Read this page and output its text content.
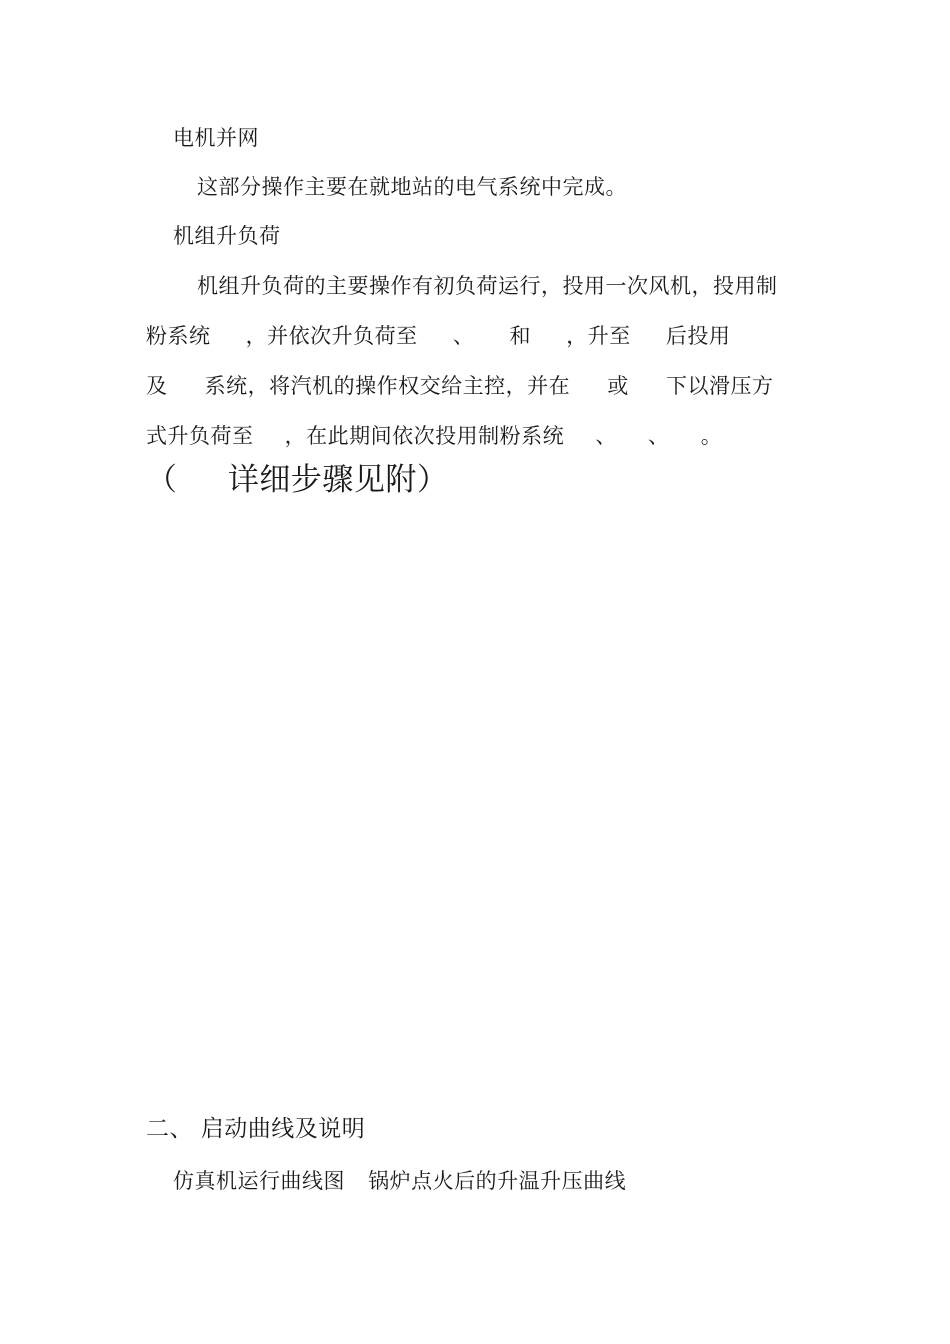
电机并网
这部分操作主要在就地站的电气系统中完成。
机组升负荷
机组升负荷的主要操作有初负荷运行，投用一次风机，投用制
粉系统 ，并依次升负荷至 、 和 ，升至 后投用
及 系统，将汽机的操作权交给主控，并在 或 下以滑压方
式升负荷至 ，在此期间依次投用制粉系统 、 、 。
（ 详细步骤见附）
二、 启动曲线及说明
仿真机运行曲线图 锅炉点火后的升温升压曲线
